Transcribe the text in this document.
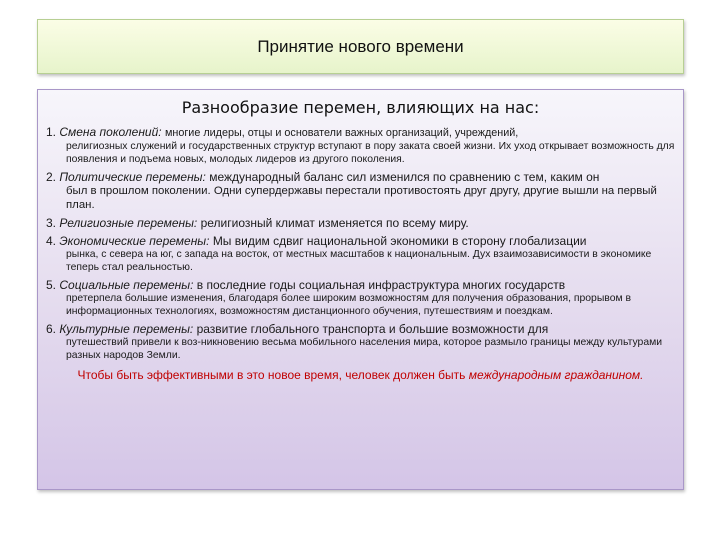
Принятие нового времени
Разнообразие перемен, влияющих на нас:
1. Смена поколений: многие лидеры, отцы и основатели важных организаций, учреждений,
религиозных служений и государственных структур вступают в пору заката своей жизни. Их уход открывает возможность для появления и подъема новых, молодых лидеров из другого поколения.
2. Политические перемены: международный баланс сил изменился по сравнению с тем, каким он
был в прошлом поколении. Одни супердержавы перестали противостоять друг другу, другие вышли на первый план.
3. Религиозные перемены: религиозный климат изменяется по всему миру.
4. Экономические перемены: Мы видим сдвиг национальной экономики в сторону глобализации
рынка, с севера на юг, с запада на восток, от местных масштабов к национальным. Дух взаимозависимости в экономике теперь стал реальностью.
5. Социальные перемены: в последние годы социальная инфраструктура многих государств
претерпела большие изменения, благодаря более широким возможностям для получения образования, прорывом в информационных технологиях, возможностям дистанционного обучения, путешествиям и поездкам.
6. Культурные перемены: развитие глобального транспорта и большие возможности для
путешествий привели к воз-никновению весьма мобильного населения мира, которое размыло границы между культурами разных народов Земли.
Чтобы быть эффективными в это новое время, человек должен быть международным гражданином.
